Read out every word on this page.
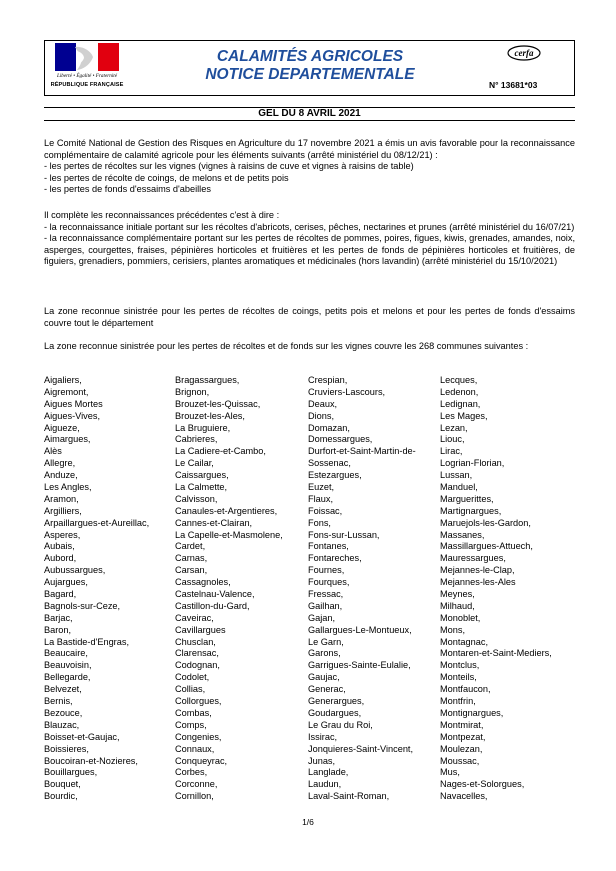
Liberté • Égalité • Fraternité
RÉPUBLIQUE FRANÇAISE
CALAMITÉS AGRICOLES
NOTICE DEPARTEMENTALE
cerfa
N° 13681*03
GEL DU 8 AVRIL 2021

Le Comité National de Gestion des Risques en Agriculture du 17 novembre 2021 a émis un avis favorable pour la reconnaissance complémentaire de calamité agricole pour les éléments suivants (arrêté ministériel du 08/12/21) :

- les pertes de récoltes sur les vignes (vignes à raisins de cuve et vignes à raisins de table)

- les pertes de récolte de coings, de melons et de petits pois

- les pertes de fonds d'essaims d'abeilles

Il complète les reconnaissances précédentes c'est à dire :

- la reconnaissance initiale portant sur les récoltes d'abricots, cerises, pêches, nectarines et prunes (arrêté ministériel du 16/07/21)

- la reconnaissance complémentaire portant sur les pertes de récoltes de pommes, poires, figues, kiwis, grenades, amandes, noix, asperges, courgettes, fraises, pépinières horticoles et fruitières et les pertes de fonds de pépinières horticoles et fruitières, de figuiers, grenadiers, pommiers, cerisiers, plantes aromatiques et médicinales (hors lavandin) (arrêté ministériel du 15/10/2021)

La zone reconnue sinistrée pour les pertes de récoltes de coings, petits pois et melons et pour les pertes de fonds d'essaims couvre tout le département

La zone reconnue sinistrée pour les pertes de récoltes et de fonds sur les vignes couvre les 268 communes suivantes :

Aigaliers,
Aigremont,
Aigues Mortes
Aigues-Vives,
Aigueze,
Aimargues,
Alès
Allegre,
Anduze,
Les Angles,
Aramon,
Argilliers,
Arpaillargues-et-Aureillac,
Asperes,
Aubais,
Aubord,
Aubussargues,
Aujargues,
Bagard,
Bagnols-sur-Ceze,
Barjac,
Baron,
La Bastide-d'Engras,
Beaucaire,
Beauvoisin,
Bellegarde,
Belvezet,
Bernis,
Bezouce,
Blauzac,
Boisset-et-Gaujac,
Boissieres,
Boucoiran-et-Nozieres,
Bouillargues,
Bouquet,
Bourdic,
Bragassargues,
Brignon,
Brouzet-les-Quissac,
Brouzet-les-Ales,
La Bruguiere,
Cabrieres,
La Cadiere-et-Cambo,
Le Cailar,
Caissargues,
La Calmette,
Calvisson,
Canaules-et-Argentieres,
Cannes-et-Clairan,
La Capelle-et-Masmolene,
Cardet,
Carnas,
Carsan,
Cassagnoles,
Castelnau-Valence,
Castillon-du-Gard,
Caveirac,
Cavillargues
Chusclan,
Clarensac,
Codognan,
Codolet,
Collias,
Collorgues,
Combas,
Comps,
Congenies,
Connaux,
Conqueyrac,
Corbes,
Corconne,
Cornillon,
Crespian,
Cruviers-Lascours,
Deaux,
Dions,
Domazan,
Domessargues,
Durfort-et-Saint-Martin-de-
Sossenac,
Estezargues,
Euzet,
Flaux,
Foissac,
Fons,
Fons-sur-Lussan,
Fontanes,
Fontareches,
Fournes,
Fourques,
Fressac,
Gailhan,
Gajan,
Gallargues-Le-Montueux,
Le Garn,
Garons,
Garrigues-Sainte-Eulalie,
Gaujac,
Generac,
Generargues,
Goudargues,
Le Grau du Roi,
Issirac,
Jonquieres-Saint-Vincent,
Junas,
Langlade,
Laudun,
Laval-Saint-Roman,
Lecques,
Ledenon,
Ledignan,
Les Mages,
Lezan,
Liouc,
Lirac,
Logrian-Florian,
Lussan,
Manduel,
Marguerittes,
Martignargues,
Maruejols-les-Gardon,
Massanes,
Massillargues-Attuech,
Mauressargues,
Mejannes-le-Clap,
Mejannes-les-Ales
Meynes,
Milhaud,
Monoblet,
Mons,
Montagnac,
Montaren-et-Saint-Mediers,
Montclus,
Monteils,
Montfaucon,
Montfrin,
Montignargues,
Montmirat,
Montpezat,
Moulezan,
Moussac,
Mus,
Nages-et-Solorgues,
Navacelles,
1/6
